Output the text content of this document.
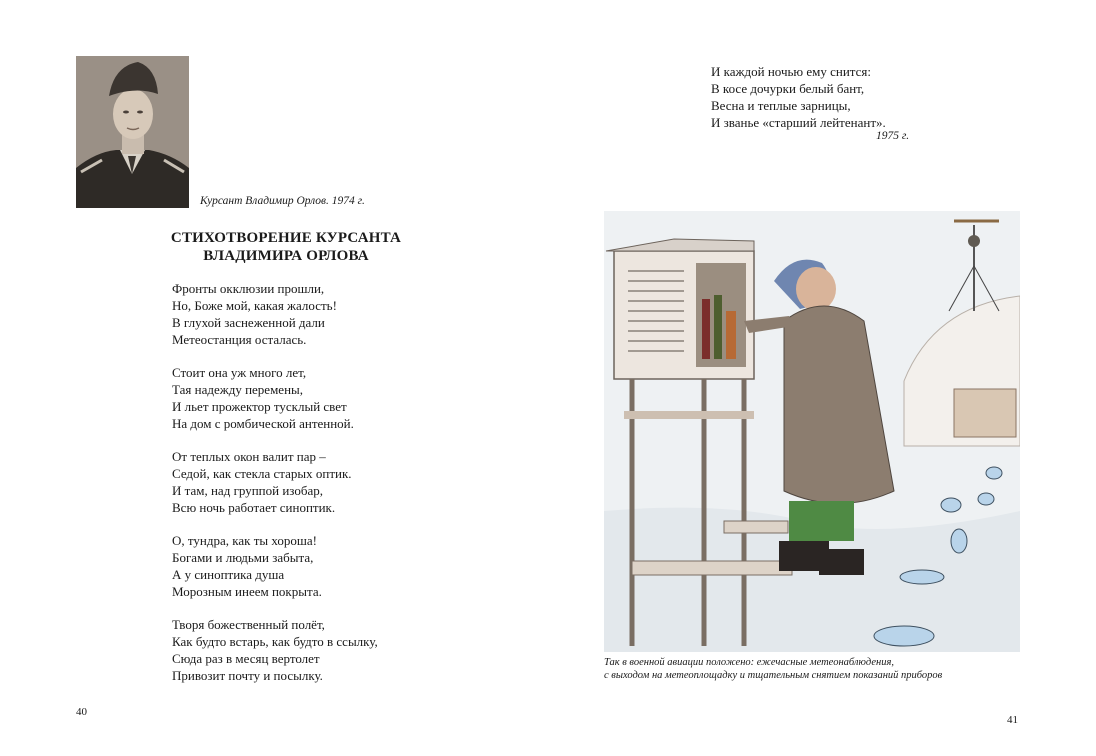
Курсант Владимир Орлов. 1974 г.
СТИХОТВОРЕНИЕ КУРСАНТА
ВЛАДИМИРА ОРЛОВА
Фронты окклюзии прошли,
Но, Боже мой, какая жалость!
В глухой заснеженной дали
Метеостанция осталась.
Стоит она уж много лет,
Тая надежду перемены,
И льет прожектор тусклый свет
На дом с ромбической антенной.
От теплых окон валит пар –
Седой, как стекла старых оптик.
И там, над группой изобар,
Всю ночь работает синоптик.
О, тундра, как ты хороша!
Богами и людьми забыта,
А у синоптика душа
Морозным инеем покрыта.
Творя божественный полёт,
Как будто встарь, как будто в ссылку,
Сюда раз в месяц вертолет
Привозит почту и посылку.
40
41
И каждой ночью ему снится:
В косе дочурки белый бант,
Весна и теплые зарницы,
И званье «старший лейтенант».
1975 г.
Так в военной авиации положено: ежечасные метеонаблюдения,
с выходом на метеоплощадку и тщательным снятием показаний приборов
